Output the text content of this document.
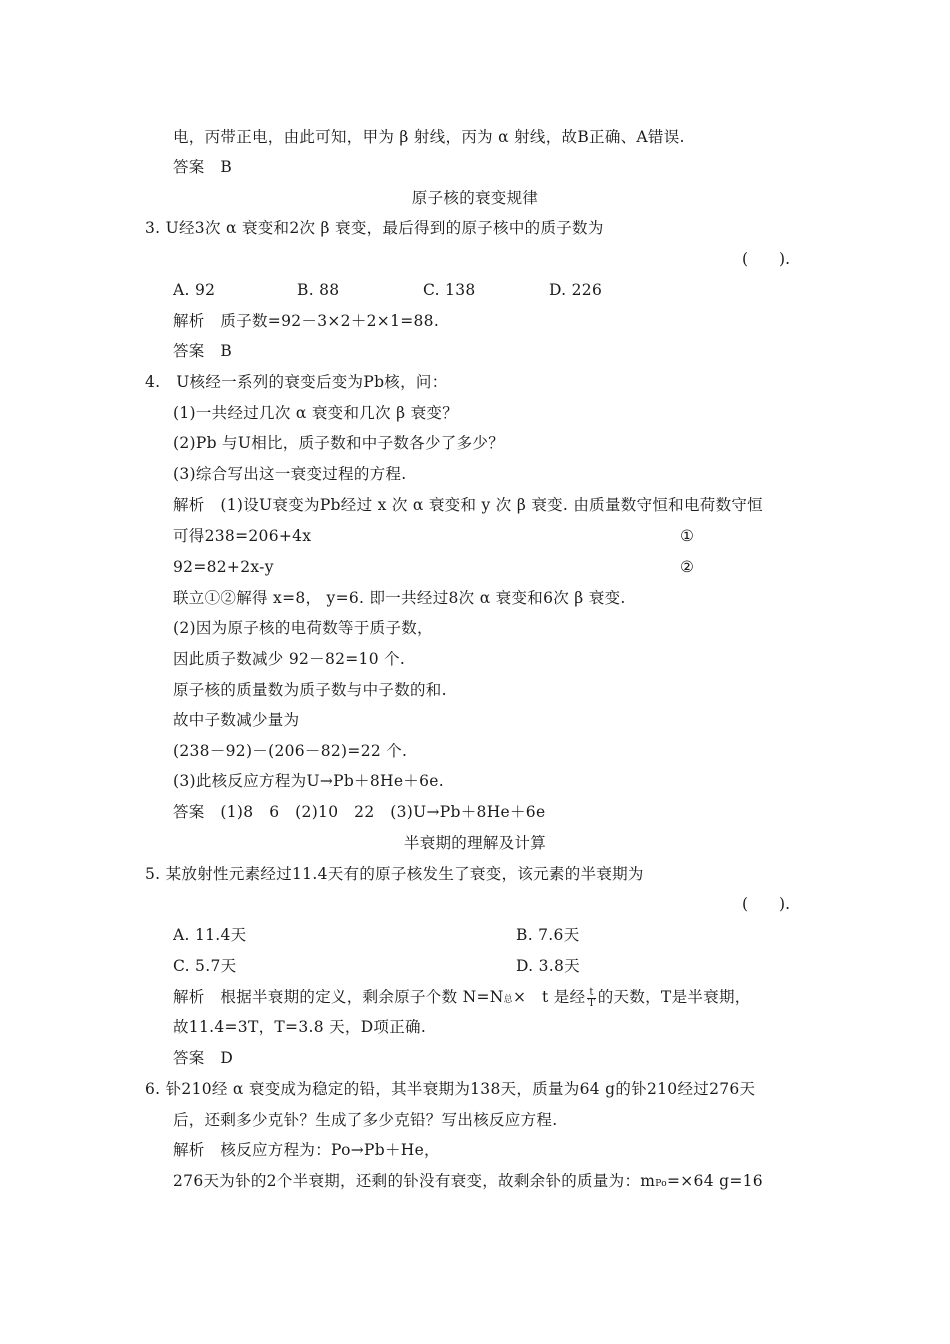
电，丙带正电，由此可知，甲为 β 射线，丙为 α 射线，故B正确、A错误.
答案　B
原子核的衰变规律
3. U经3次 α 衰变和2次 β 衰变，最后得到的原子核中的质子数为
(　　).
A. 92	B. 88	C. 138	D. 226
解析　质子数=92－3×2＋2×1=88.
答案　B
4.　U核经一系列的衰变后变为Pb核，问：
(1)一共经过几次 α 衰变和几次 β 衰变？
(2)Pb 与U相比，质子数和中子数各少了多少？
(3)综合写出这一衰变过程的方程.
解析　(1)设U衰变为Pb经过 x 次 α 衰变和 y 次 β 衰变. 由质量数守恒和电荷数守恒
可得238=206+4x	①
92=82+2x-y	②
联立①②解得 x=8， y=6. 即一共经过8次 α 衰变和6次 β 衰变.
(2)因为原子核的电荷数等于质子数，
因此质子数减少 92－82=10 个.
原子核的质量数为质子数与中子数的和.
故中子数减少量为
(238－92)－(206－82)=22 个.
(3)此核反应方程为U→Pb＋8He＋6e.
答案　(1)8　6　(2)10　22　(3)U→Pb＋8He＋6e
半衰期的理解及计算
5. 某放射性元素经过11.4天有的原子核发生了衰变，该元素的半衰期为
(　　).
A. 11.4天	B. 7.6天
C. 5.7天	D. 3.8天
解析　根据半衰期的定义，剩余原子个数 N=N总×　t 是经 $\frac{t}{T}$ 的天数，T是半衰期，
故11.4=3T，T=3.8 天，D项正确.
答案　D
6. 钋210经 α 衰变成为稳定的铅，其半衰期为138天，质量为64 g的钋210经过276天
后，还剩多少克钋？生成了多少克铅？写出核反应方程.
解析　核反应方程为：Po→Pb＋He，
276天为钋的2个半衰期，还剩的钋没有衰变，故剩余钋的质量为：mPo=×64 g=16
